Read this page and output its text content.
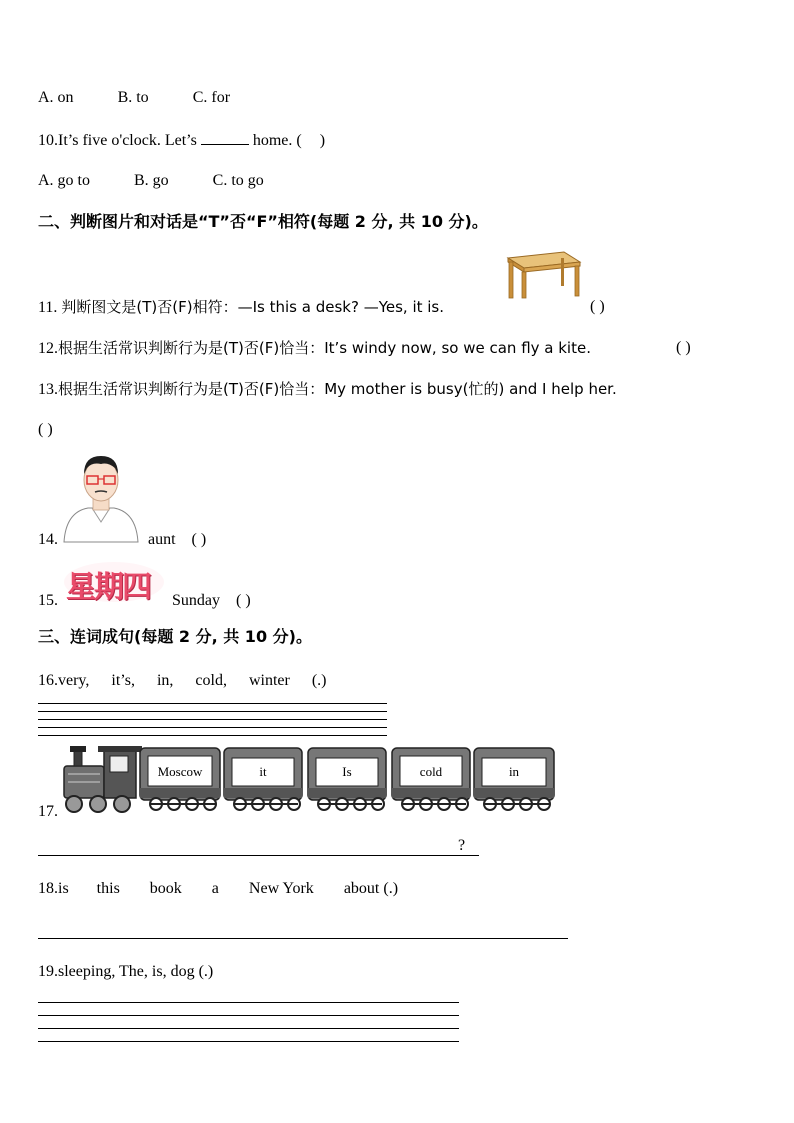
A. on	B. to	C. for
10.It’s five o'clock. Let’s	home. ( )
A. go to	B. go	C. to go
二、判断图片和对话是“T”否“F”相符(每题 2 分, 共 10 分)。
11. 判断图文是(T)否(F)相符：—Is this a desk? —Yes, it is.	( )
12.根据生活常识判断行为是(T)否(F)恰当：It’s windy now, so we can fly a kite.	( )
13.根据生活常识判断行为是(T)否(F)恰当：My mother is busy(忙的) and I help her.
( )
14.	aunt ( )
星期四
15.	Sunday ( )
三、连词成句(每题 2 分, 共 10 分)。
16.very, it’s, in, cold, winter (.)
Moscow	it	Is	cold	in
17.
?
18.is this book a New York about (.)
19.sleeping, The, is, dog (.)
